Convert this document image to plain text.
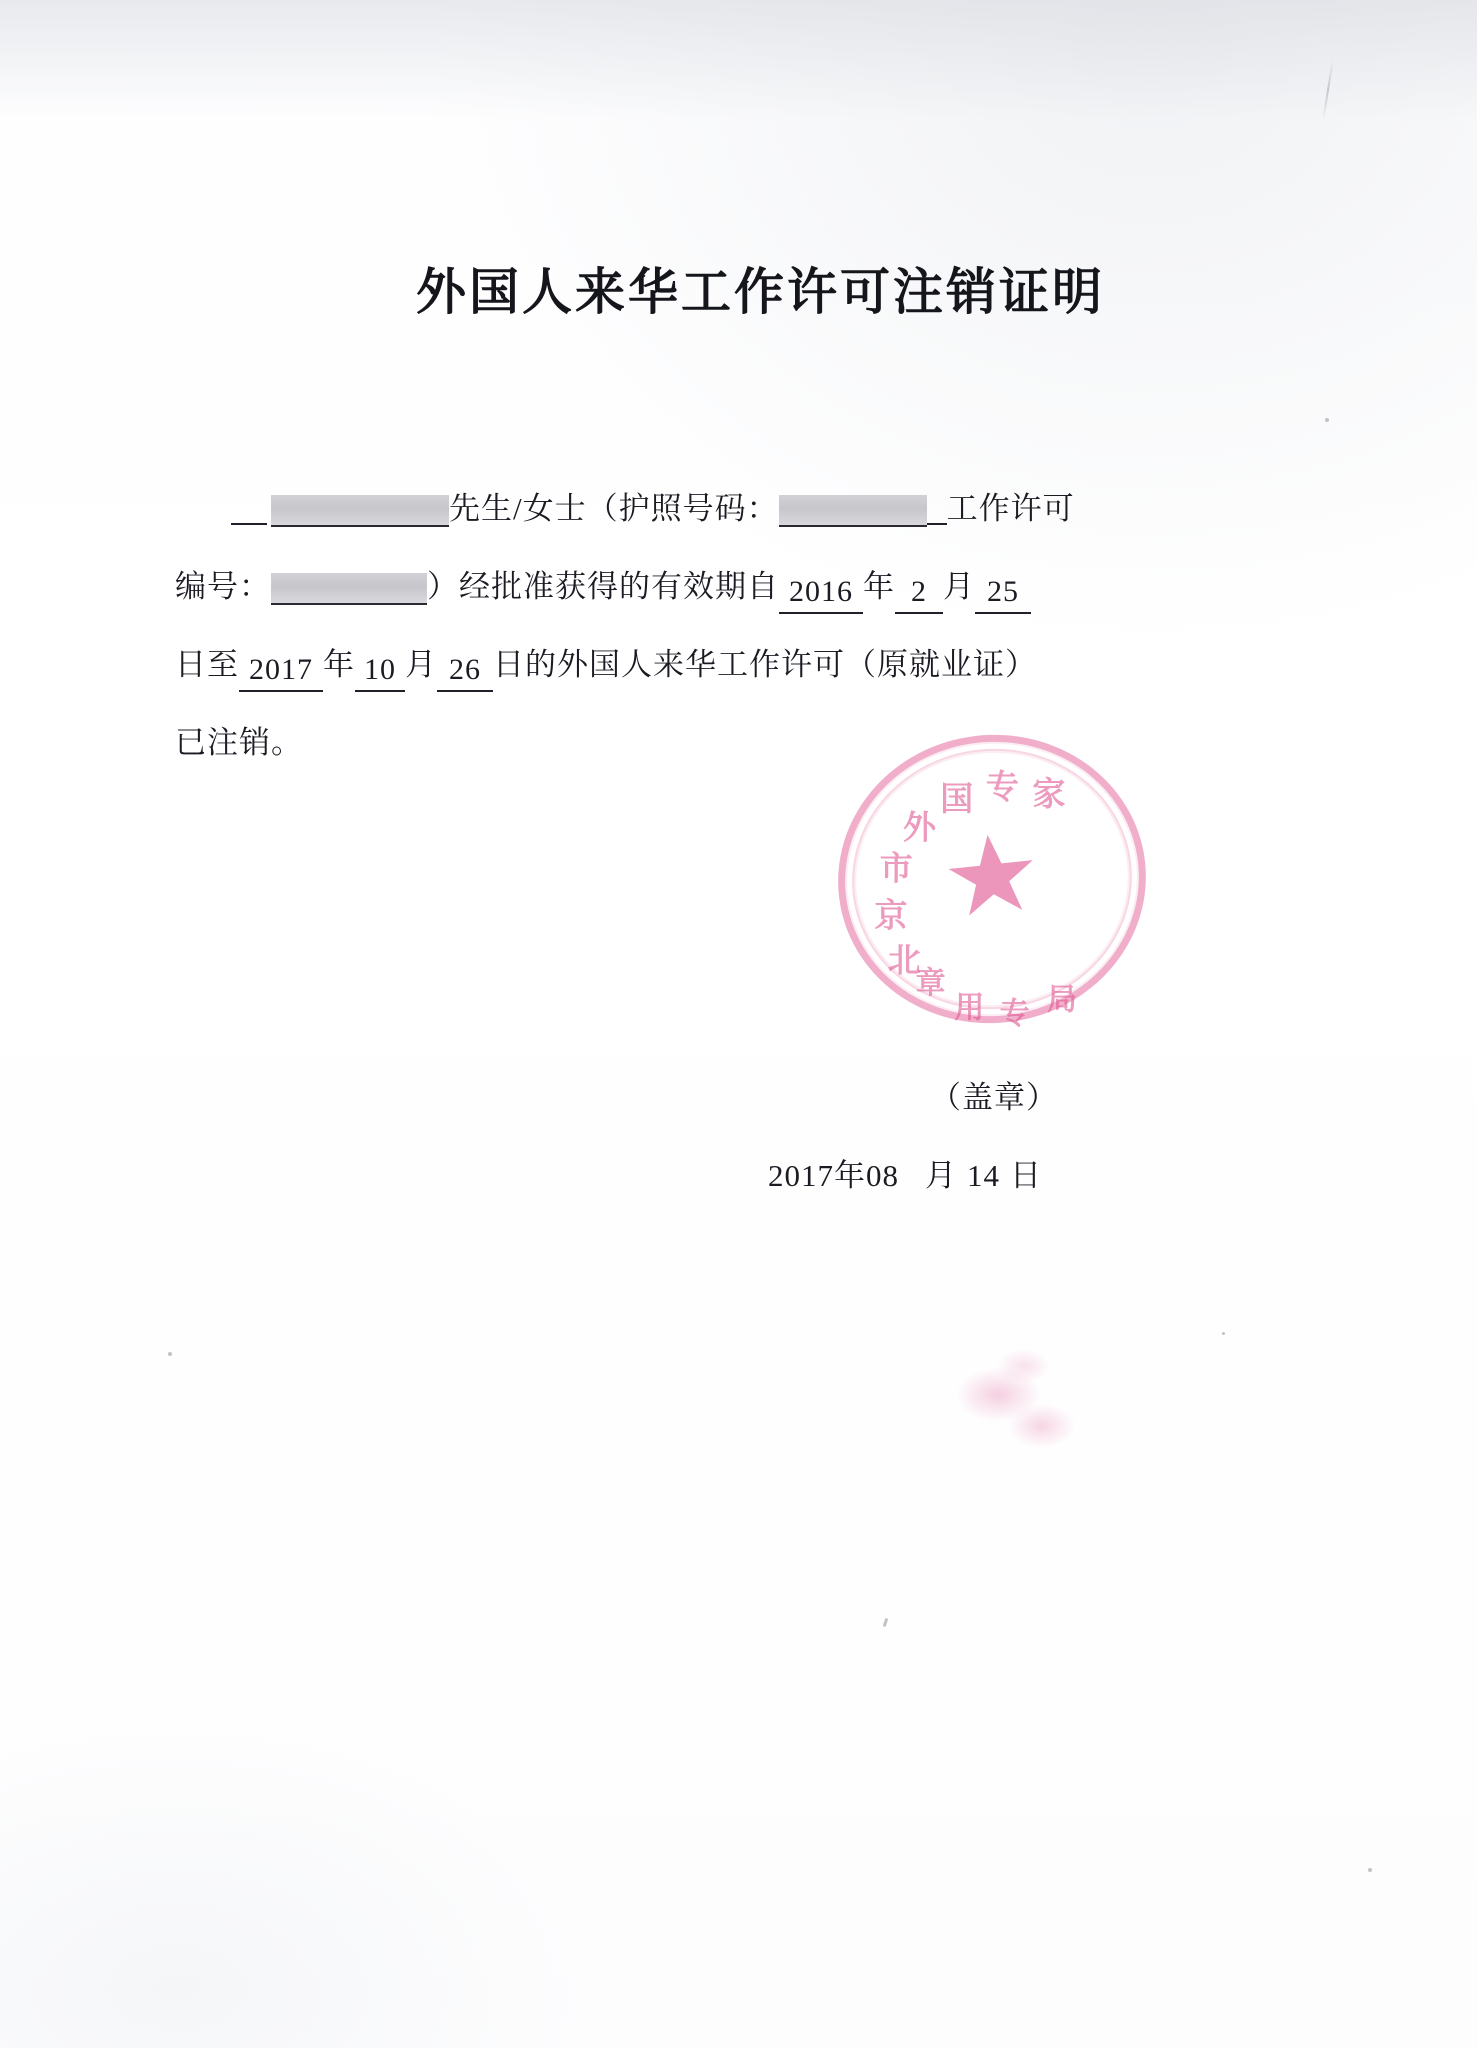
外国人来华工作许可注销证明
先生/女士（护照号码：	工作许可
编号：	）经批准获得的有效期自 2016 年 2 月 25
日至 2017 年 10 月 26 日的外国人来华工作许可（原就业证）
已注销。
北
京
市
外
国 专 家
局
专
用
章
（盖章）
2017年08 月 14 日
